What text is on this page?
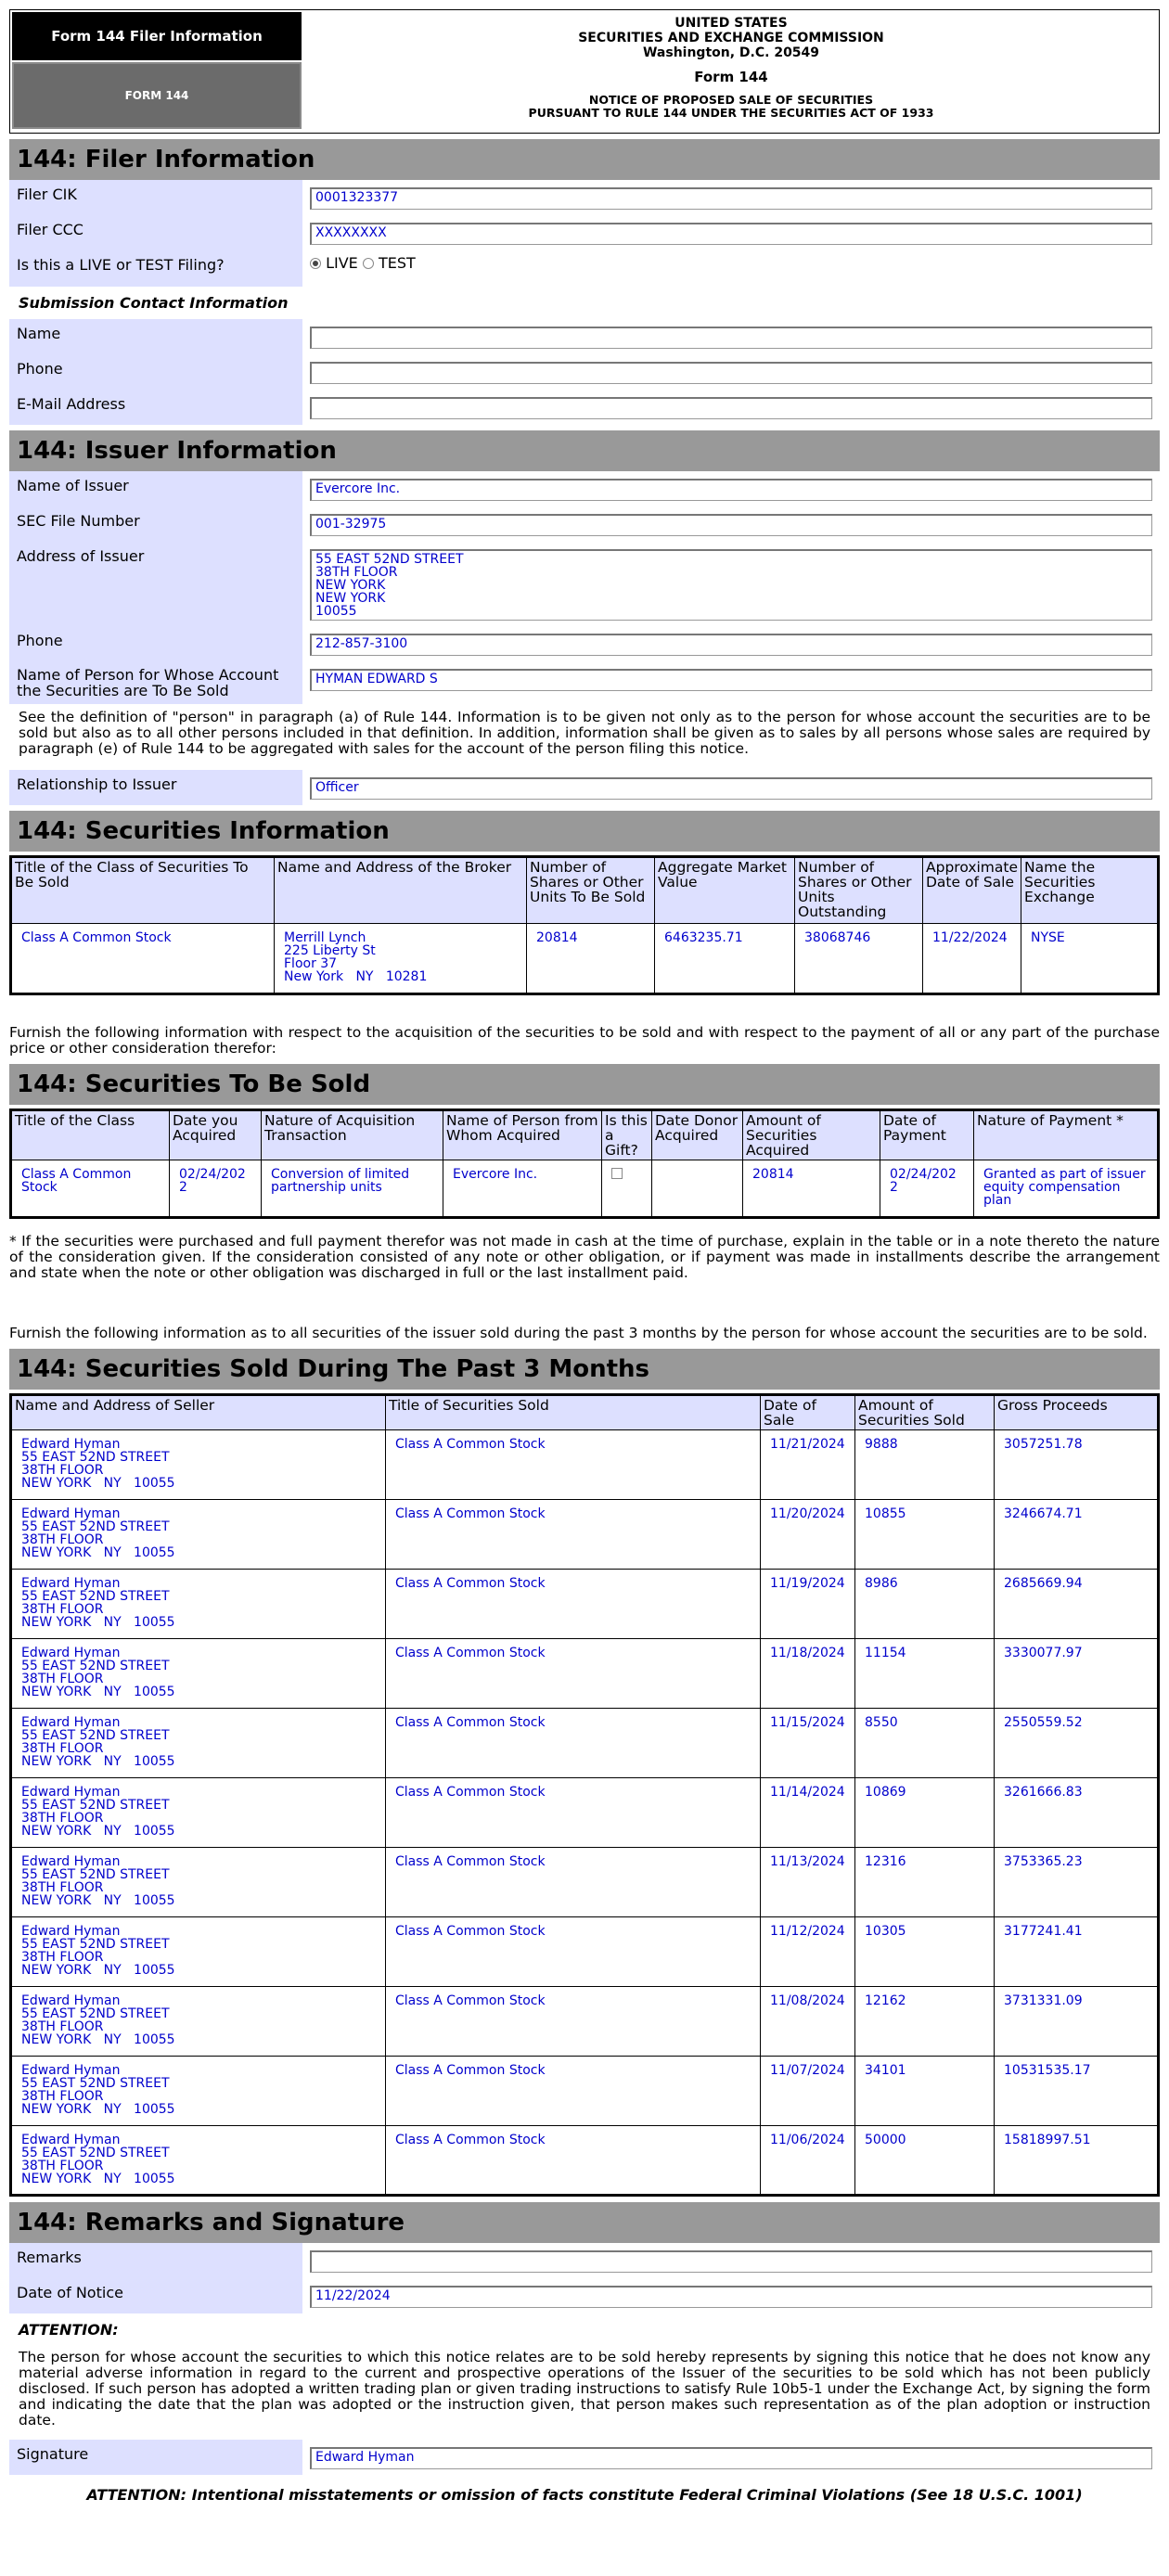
Form 144 Filer Information
FORM 144
UNITED STATES
SECURITIES AND EXCHANGE COMMISSION
Washington, D.C. 20549
Form 144
NOTICE OF PROPOSED SALE OF SECURITIES
PURSUANT TO RULE 144 UNDER THE SECURITIES ACT OF 1933
144: Filer Information
Filer CIK	0001323377
Filer CCC	XXXXXXXX
Is this a LIVE or TEST Filing?	LIVE TEST
Submission Contact Information
Name
Phone
E-Mail Address
144: Issuer Information
Name of Issuer	Evercore Inc.
SEC File Number	001-32975
Address of Issuer	55 EAST 52ND STREET
38TH FLOOR
NEW YORK
NEW YORK
10055
Phone	212-857-3100
Name of Person for Whose Account the Securities are To Be Sold
HYMAN EDWARD S
See the definition of "person" in paragraph (a) of Rule 144. Information is to be given not only as to the person for whose account the securities are to be sold but also as to all other persons included in that definition. In addition, information shall be given as to sales by all persons whose sales are required by paragraph (e) of Rule 144 to be aggregated with sales for the account of the person filing this notice.
Relationship to Issuer	Officer
144: Securities Information
Title of the Class of Securities To Be Sold	Name and Address of the Broker	Number of Shares or Other Units To Be Sold	Aggregate Market Value	Number of Shares or Other Units Outstanding	Approximate Date of Sale	Name the Securities Exchange
Class A Common Stock	Merrill Lynch
225 Liberty St
Floor 37
New York   NY   10281	20814	6463235.71	38068746	11/22/2024	NYSE
Furnish the following information with respect to the acquisition of the securities to be sold and with respect to the payment of all or any part of the purchase price or other consideration therefor:
144: Securities To Be Sold
Title of the Class	Date you Acquired	Nature of Acquisition Transaction	Name of Person from Whom Acquired	Is this a Gift?	Date Donor Acquired	Amount of Securities Acquired	Date of Payment	Nature of Payment *
Class A Common Stock	02/24/2022	Conversion of limited partnership units	Evercore Inc.			20814	02/24/2022	Granted as part of issuer equity compensation plan
* If the securities were purchased and full payment therefor was not made in cash at the time of purchase, explain in the table or in a note thereto the nature of the consideration given. If the consideration consisted of any note or other obligation, or if payment was made in installments describe the arrangement and state when the note or other obligation was discharged in full or the last installment paid.
Furnish the following information as to all securities of the issuer sold during the past 3 months by the person for whose account the securities are to be sold.
144: Securities Sold During The Past 3 Months
Name and Address of Seller	Title of Securities Sold	Date of Sale	Amount of Securities Sold	Gross Proceeds

Edward Hyman
55 EAST 52ND STREET
38TH FLOOR
NEW YORK   NY   10055	Class A Common Stock	11/21/2024	9888	3057251.78

Edward Hyman
55 EAST 52ND STREET
38TH FLOOR
NEW YORK   NY   10055	Class A Common Stock	11/20/2024	10855	3246674.71

Edward Hyman
55 EAST 52ND STREET
38TH FLOOR
NEW YORK   NY   10055	Class A Common Stock	11/19/2024	8986	2685669.94

Edward Hyman
55 EAST 52ND STREET
38TH FLOOR
NEW YORK   NY   10055	Class A Common Stock	11/18/2024	11154	3330077.97

Edward Hyman
55 EAST 52ND STREET
38TH FLOOR
NEW YORK   NY   10055	Class A Common Stock	11/15/2024	8550	2550559.52

Edward Hyman
55 EAST 52ND STREET
38TH FLOOR
NEW YORK   NY   10055	Class A Common Stock	11/14/2024	10869	3261666.83

Edward Hyman
55 EAST 52ND STREET
38TH FLOOR
NEW YORK   NY   10055	Class A Common Stock	11/13/2024	12316	3753365.23

Edward Hyman
55 EAST 52ND STREET
38TH FLOOR
NEW YORK   NY   10055	Class A Common Stock	11/12/2024	10305	3177241.41

Edward Hyman
55 EAST 52ND STREET
38TH FLOOR
NEW YORK   NY   10055	Class A Common Stock	11/08/2024	12162	3731331.09

Edward Hyman
55 EAST 52ND STREET
38TH FLOOR
NEW YORK   NY   10055	Class A Common Stock	11/07/2024	34101	10531535.17

Edward Hyman
55 EAST 52ND STREET
38TH FLOOR
NEW YORK   NY   10055	Class A Common Stock	11/06/2024	50000	15818997.51
144: Remarks and Signature
Remarks
Date of Notice	11/22/2024
ATTENTION:
The person for whose account the securities to which this notice relates are to be sold hereby represents by signing this notice that he does not know any material adverse information in regard to the current and prospective operations of the Issuer of the securities to be sold which has not been publicly disclosed. If such person has adopted a written trading plan or given trading instructions to satisfy Rule 10b5-1 under the Exchange Act, by signing the form and indicating the date that the plan was adopted or the instruction given, that person makes such representation as of the plan adoption or instruction date.
Signature	Edward Hyman
ATTENTION: Intentional misstatements or omission of facts constitute Federal Criminal Violations (See 18 U.S.C. 1001)
